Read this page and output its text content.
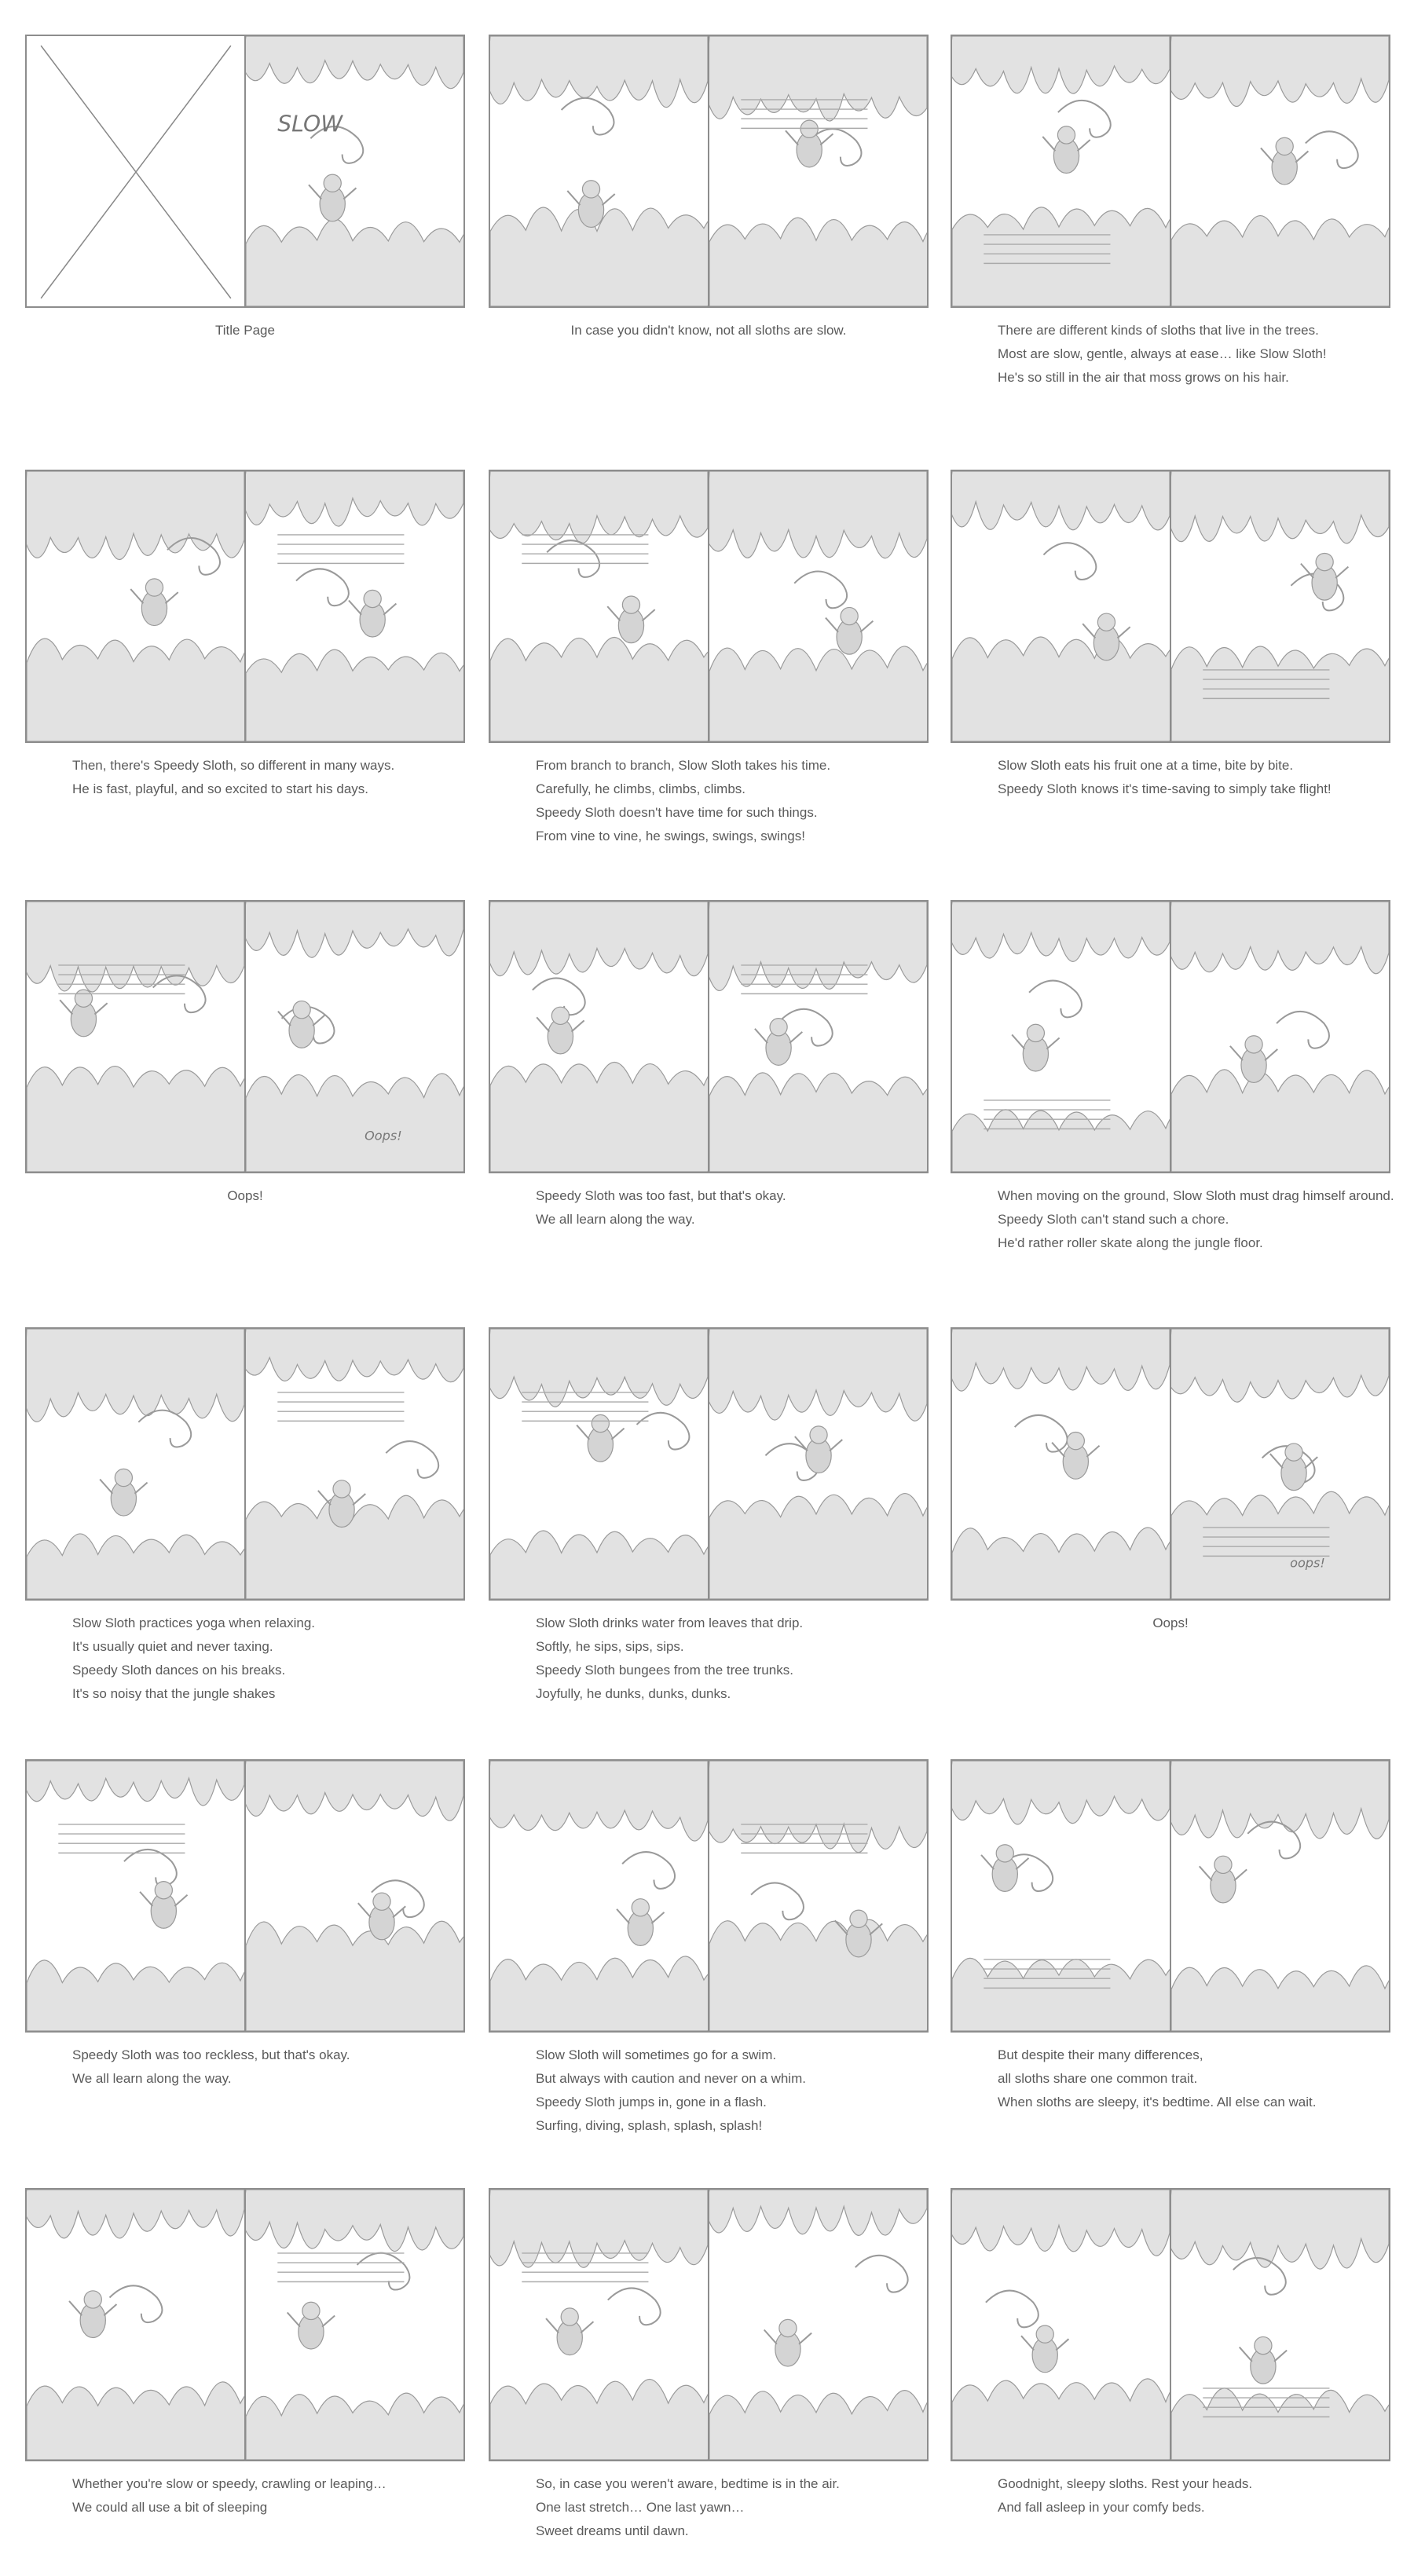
SLOW
Title Page	In case you didn't know, not all sloths are slow.	There are different kinds of sloths that live in the trees.
Most are slow, gentle, always at ease… like Slow Sloth!
He's so still in the air that moss grows on his hair.
Then, there's Speedy Sloth, so different in many ways.
He is fast, playful, and so excited to start his days.
From branch to branch, Slow Sloth takes his time.
Carefully, he climbs, climbs, climbs.
Speedy Sloth doesn't have time for such things.
From vine to vine, he swings, swings, swings!
Slow Sloth eats his fruit one at a time, bite by bite.
Speedy Sloth knows it's time-saving to simply take flight!
Oops!
Oops!	Speedy Sloth was too fast, but that's okay.
We all learn along the way.
When moving on the ground, Slow Sloth must drag himself around.
Speedy Sloth can't stand such a chore.
He'd rather roller skate along the jungle floor.
Slow Sloth practices yoga when relaxing.
It's usually quiet and never taxing.
Speedy Sloth dances on his breaks.
It's so noisy that the jungle shakes
Slow Sloth drinks water from leaves that drip.
Softly, he sips, sips, sips.
Speedy Sloth bungees from the tree trunks.
Joyfully, he dunks, dunks, dunks.
oops!
Oops!
Speedy Sloth was too reckless, but that's okay.
We all learn along the way.
Slow Sloth will sometimes go for a swim.
But always with caution and never on a whim.
Speedy Sloth jumps in, gone in a flash.
Surfing, diving, splash, splash, splash!
But despite their many differences,
all sloths share one common trait.
When sloths are sleepy, it's bedtime. All else can wait.
Whether you're slow or speedy, crawling or leaping…
We could all use a bit of sleeping
So, in case you weren't aware, bedtime is in the air.
One last stretch… One last yawn…
Sweet dreams until dawn.
Goodnight, sleepy sloths. Rest your heads.
And fall asleep in your comfy beds.
